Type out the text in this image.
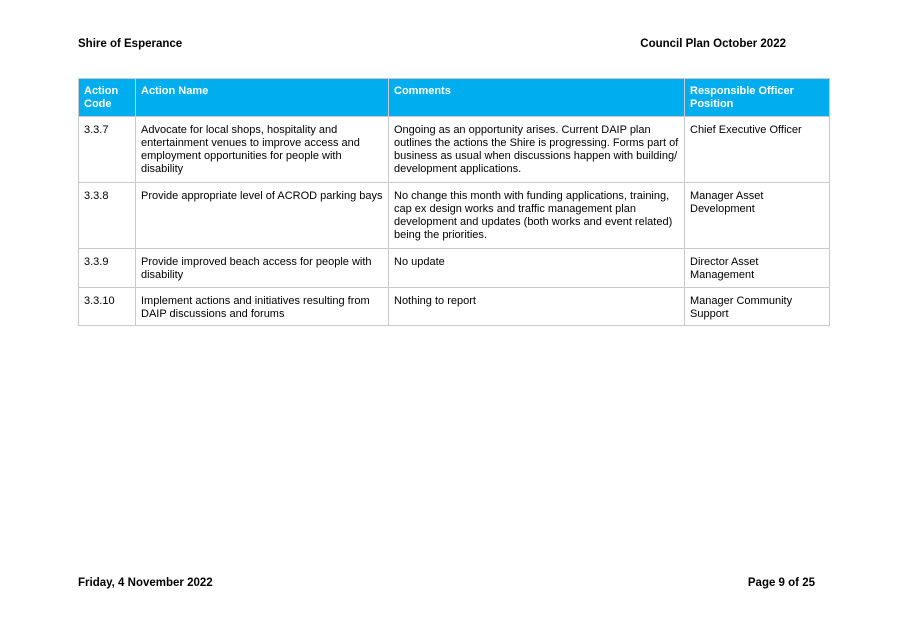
Shire of Esperance	Council Plan October 2022
Action Code	Action Name	Comments	Responsible Officer Position
3.3.7	Advocate for local shops, hospitality and entertainment venues to improve access and employment opportunities for people with disability	Ongoing as an opportunity arises. Current DAIP plan outlines the actions the Shire is progressing. Forms part of business as usual when discussions happen with building/ development applications.	Chief Executive Officer
3.3.8	Provide appropriate level of ACROD parking bays	No change this month with funding applications, training, cap ex design works and traffic management plan development and updates (both works and event related) being the priorities.	Manager Asset Development
3.3.9	Provide improved beach access for people with disability	No update	Director Asset Management
3.3.10	Implement actions and initiatives resulting from DAIP discussions and forums	Nothing to report	Manager Community Support
Friday, 4 November 2022	Page 9 of 25
